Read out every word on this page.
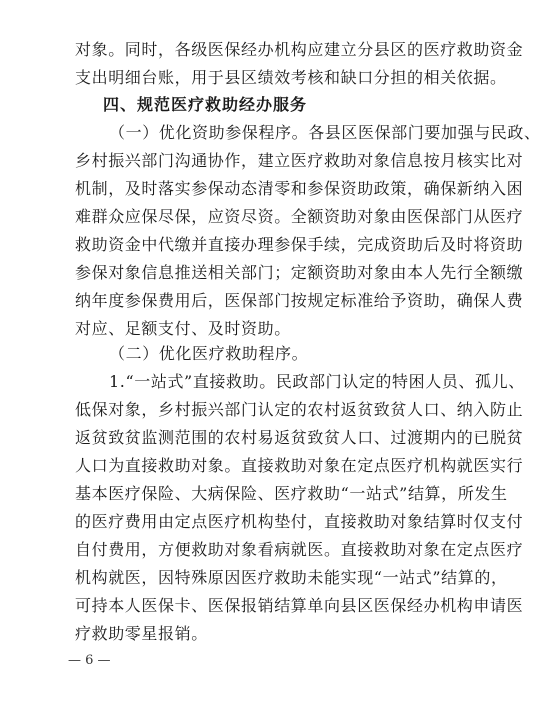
对象。同时，各级医保经办机构应建立分县区的医疗救助资金
支出明细台账，用于县区绩效考核和缺口分担的相关依据。
四、规范医疗救助经办服务
（一）优化资助参保程序。各县区医保部门要加强与民政、
乡村振兴部门沟通协作，建立医疗救助对象信息按月核实比对
机制，及时落实参保动态清零和参保资助政策，确保新纳入困
难群众应保尽保，应资尽资。全额资助对象由医保部门从医疗
救助资金中代缴并直接办理参保手续，完成资助后及时将资助
参保对象信息推送相关部门；定额资助对象由本人先行全额缴
纳年度参保费用后，医保部门按规定标准给予资助，确保人费
对应、足额支付、及时资助。
（二）优化医疗救助程序。
1.“一站式”直接救助。民政部门认定的特困人员、孤儿、
低保对象，乡村振兴部门认定的农村返贫致贫人口、纳入防止
返贫致贫监测范围的农村易返贫致贫人口、过渡期内的已脱贫
人口为直接救助对象。直接救助对象在定点医疗机构就医实行
基本医疗保险、大病保险、医疗救助“一站式”结算，所发生
的医疗费用由定点医疗机构垫付，直接救助对象结算时仅支付
自付费用，方便救助对象看病就医。直接救助对象在定点医疗
机构就医，因特殊原因医疗救助未能实现“一站式”结算的，
可持本人医保卡、医保报销结算单向县区医保经办机构申请医
疗救助零星报销。
— 6 —
